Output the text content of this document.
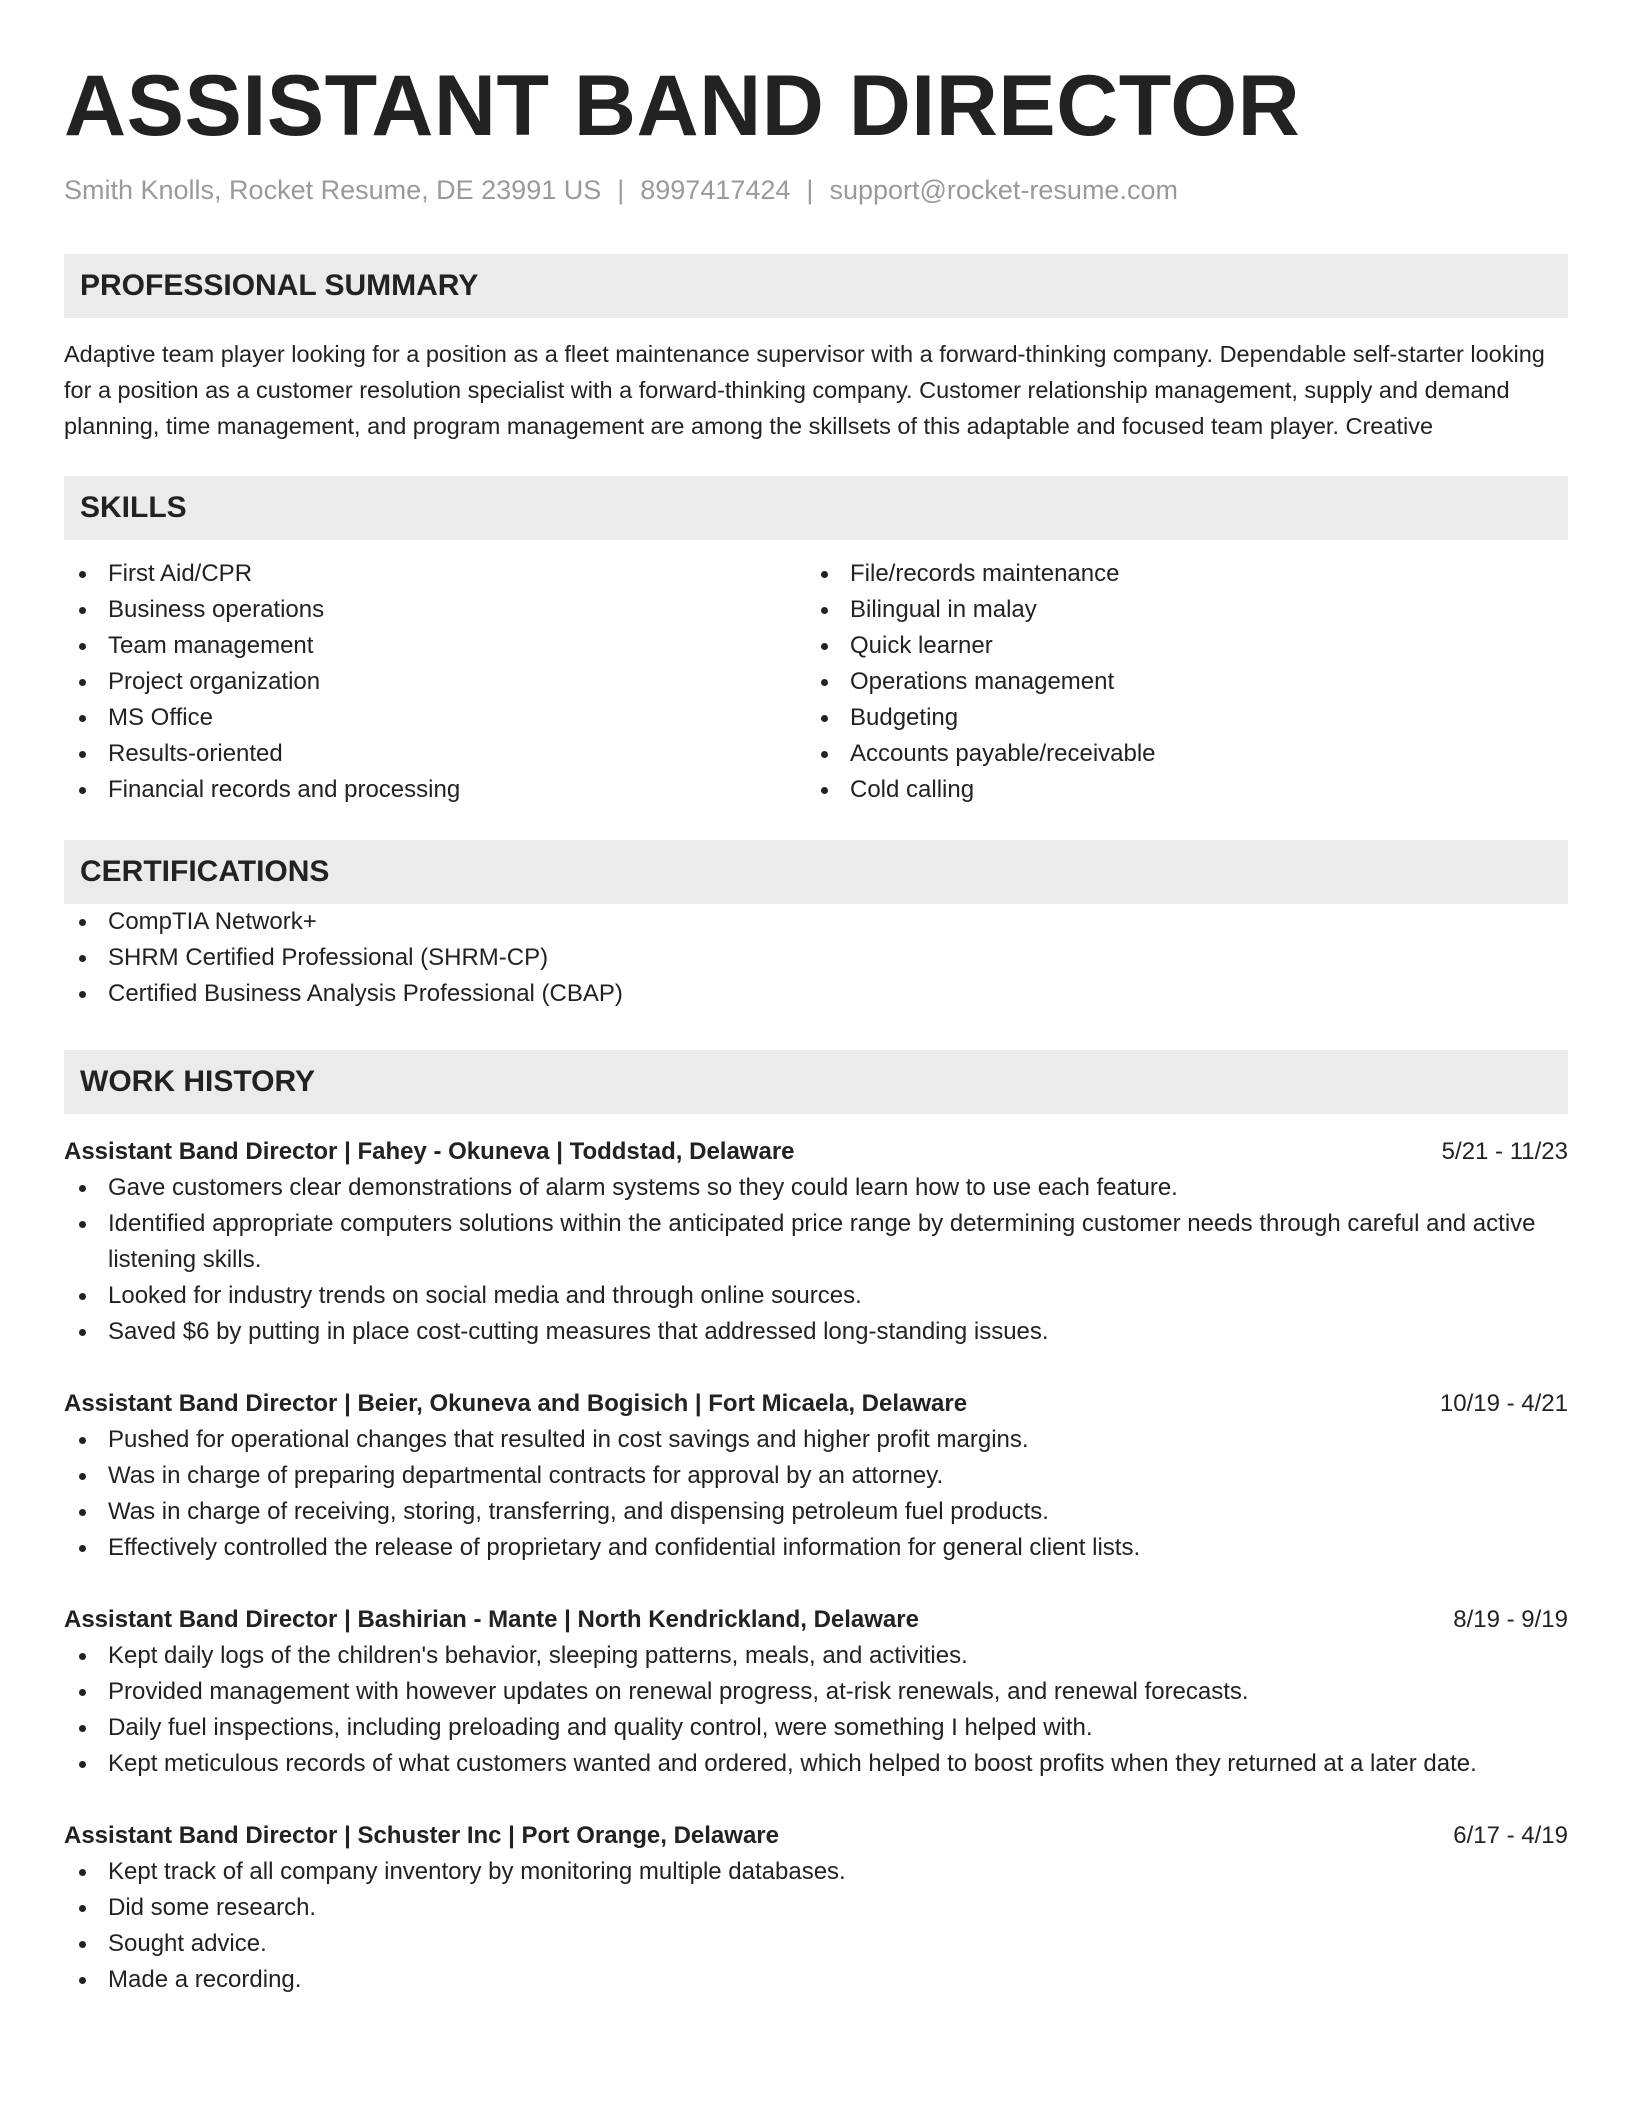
ASSISTANT BAND DIRECTOR
Smith Knolls, Rocket Resume, DE 23991 US | 8997417424 | support@rocket-resume.com
PROFESSIONAL SUMMARY
Adaptive team player looking for a position as a fleet maintenance supervisor with a forward-thinking company. Dependable self-starter looking for a position as a customer resolution specialist with a forward-thinking company. Customer relationship management, supply and demand planning, time management, and program management are among the skillsets of this adaptable and focused team player. Creative
SKILLS
First Aid/CPR
Business operations
Team management
Project organization
MS Office
Results-oriented
Financial records and processing
File/records maintenance
Bilingual in malay
Quick learner
Operations management
Budgeting
Accounts payable/receivable
Cold calling
CERTIFICATIONS
CompTIA Network+
SHRM Certified Professional (SHRM-CP)
Certified Business Analysis Professional (CBAP)
WORK HISTORY
Assistant Band Director | Fahey - Okuneva | Toddstad, Delaware	5/21 - 11/23
Gave customers clear demonstrations of alarm systems so they could learn how to use each feature.
Identified appropriate computers solutions within the anticipated price range by determining customer needs through careful and active listening skills.
Looked for industry trends on social media and through online sources.
Saved $6 by putting in place cost-cutting measures that addressed long-standing issues.
Assistant Band Director | Beier, Okuneva and Bogisich | Fort Micaela, Delaware	10/19 - 4/21
Pushed for operational changes that resulted in cost savings and higher profit margins.
Was in charge of preparing departmental contracts for approval by an attorney.
Was in charge of receiving, storing, transferring, and dispensing petroleum fuel products.
Effectively controlled the release of proprietary and confidential information for general client lists.
Assistant Band Director | Bashirian - Mante | North Kendrickland, Delaware	8/19 - 9/19
Kept daily logs of the children's behavior, sleeping patterns, meals, and activities.
Provided management with however updates on renewal progress, at-risk renewals, and renewal forecasts.
Daily fuel inspections, including preloading and quality control, were something I helped with.
Kept meticulous records of what customers wanted and ordered, which helped to boost profits when they returned at a later date.
Assistant Band Director | Schuster Inc | Port Orange, Delaware	6/17 - 4/19
Kept track of all company inventory by monitoring multiple databases.
Did some research.
Sought advice.
Made a recording.
